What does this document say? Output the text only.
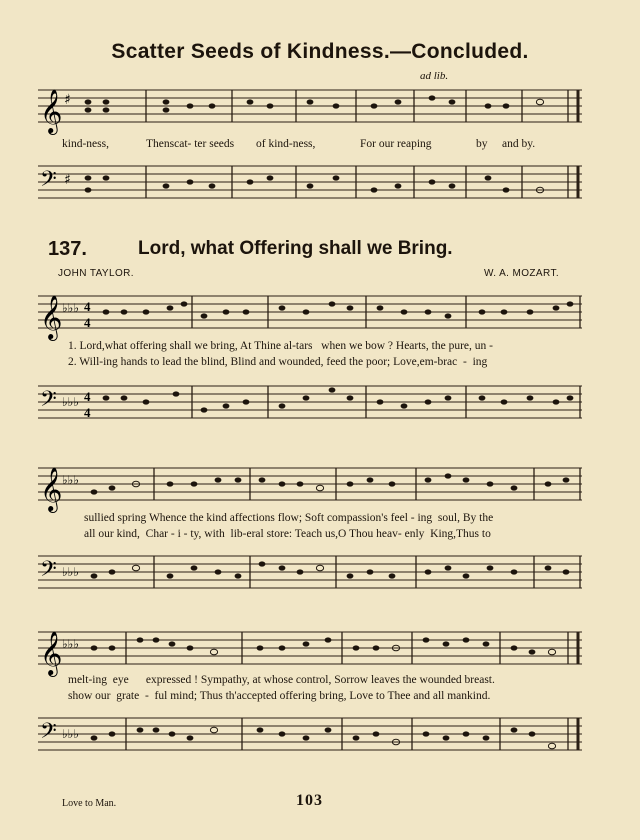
Scatter Seeds of Kindness.—Concluded.
ad lib.
𝄞 ♯
kind-ness,	Thenscat- ter seeds of kind-ness,	For our reaping	by and by.
𝄢 ♯
137.	Lord, what Offering shall we Bring.
JOHN TAYLOR.	W. A. MOZART.
𝄞 ♭♭♭ 4
4
1. Lord,what offering shall we bring, At Thine al-tars   when we bow ? Hearts, the pure, un -
2. Will-ing hands to lead the blind, Blind and wounded, feed the poor; Love,em-brac  -  ing
𝄢 ♭♭♭ 4
4
𝄞 ♭♭♭
sullied spring Whence the kind affections flow; Soft compassion's feel - ing  soul, By the
all our kind,  Char - i - ty, with  lib-eral store: Teach us,O Thou heav- enly  King,Thus to
𝄢 ♭♭♭
𝄞 ♭♭♭
melt-ing  eye      expressed ! Sympathy, at whose control, Sorrow leaves the wounded breast.
show our  grate  -  ful mind; Thus th'accepted offering bring, Love to Thee and all mankind.
𝄢 ♭♭♭
Love to Man.	103
